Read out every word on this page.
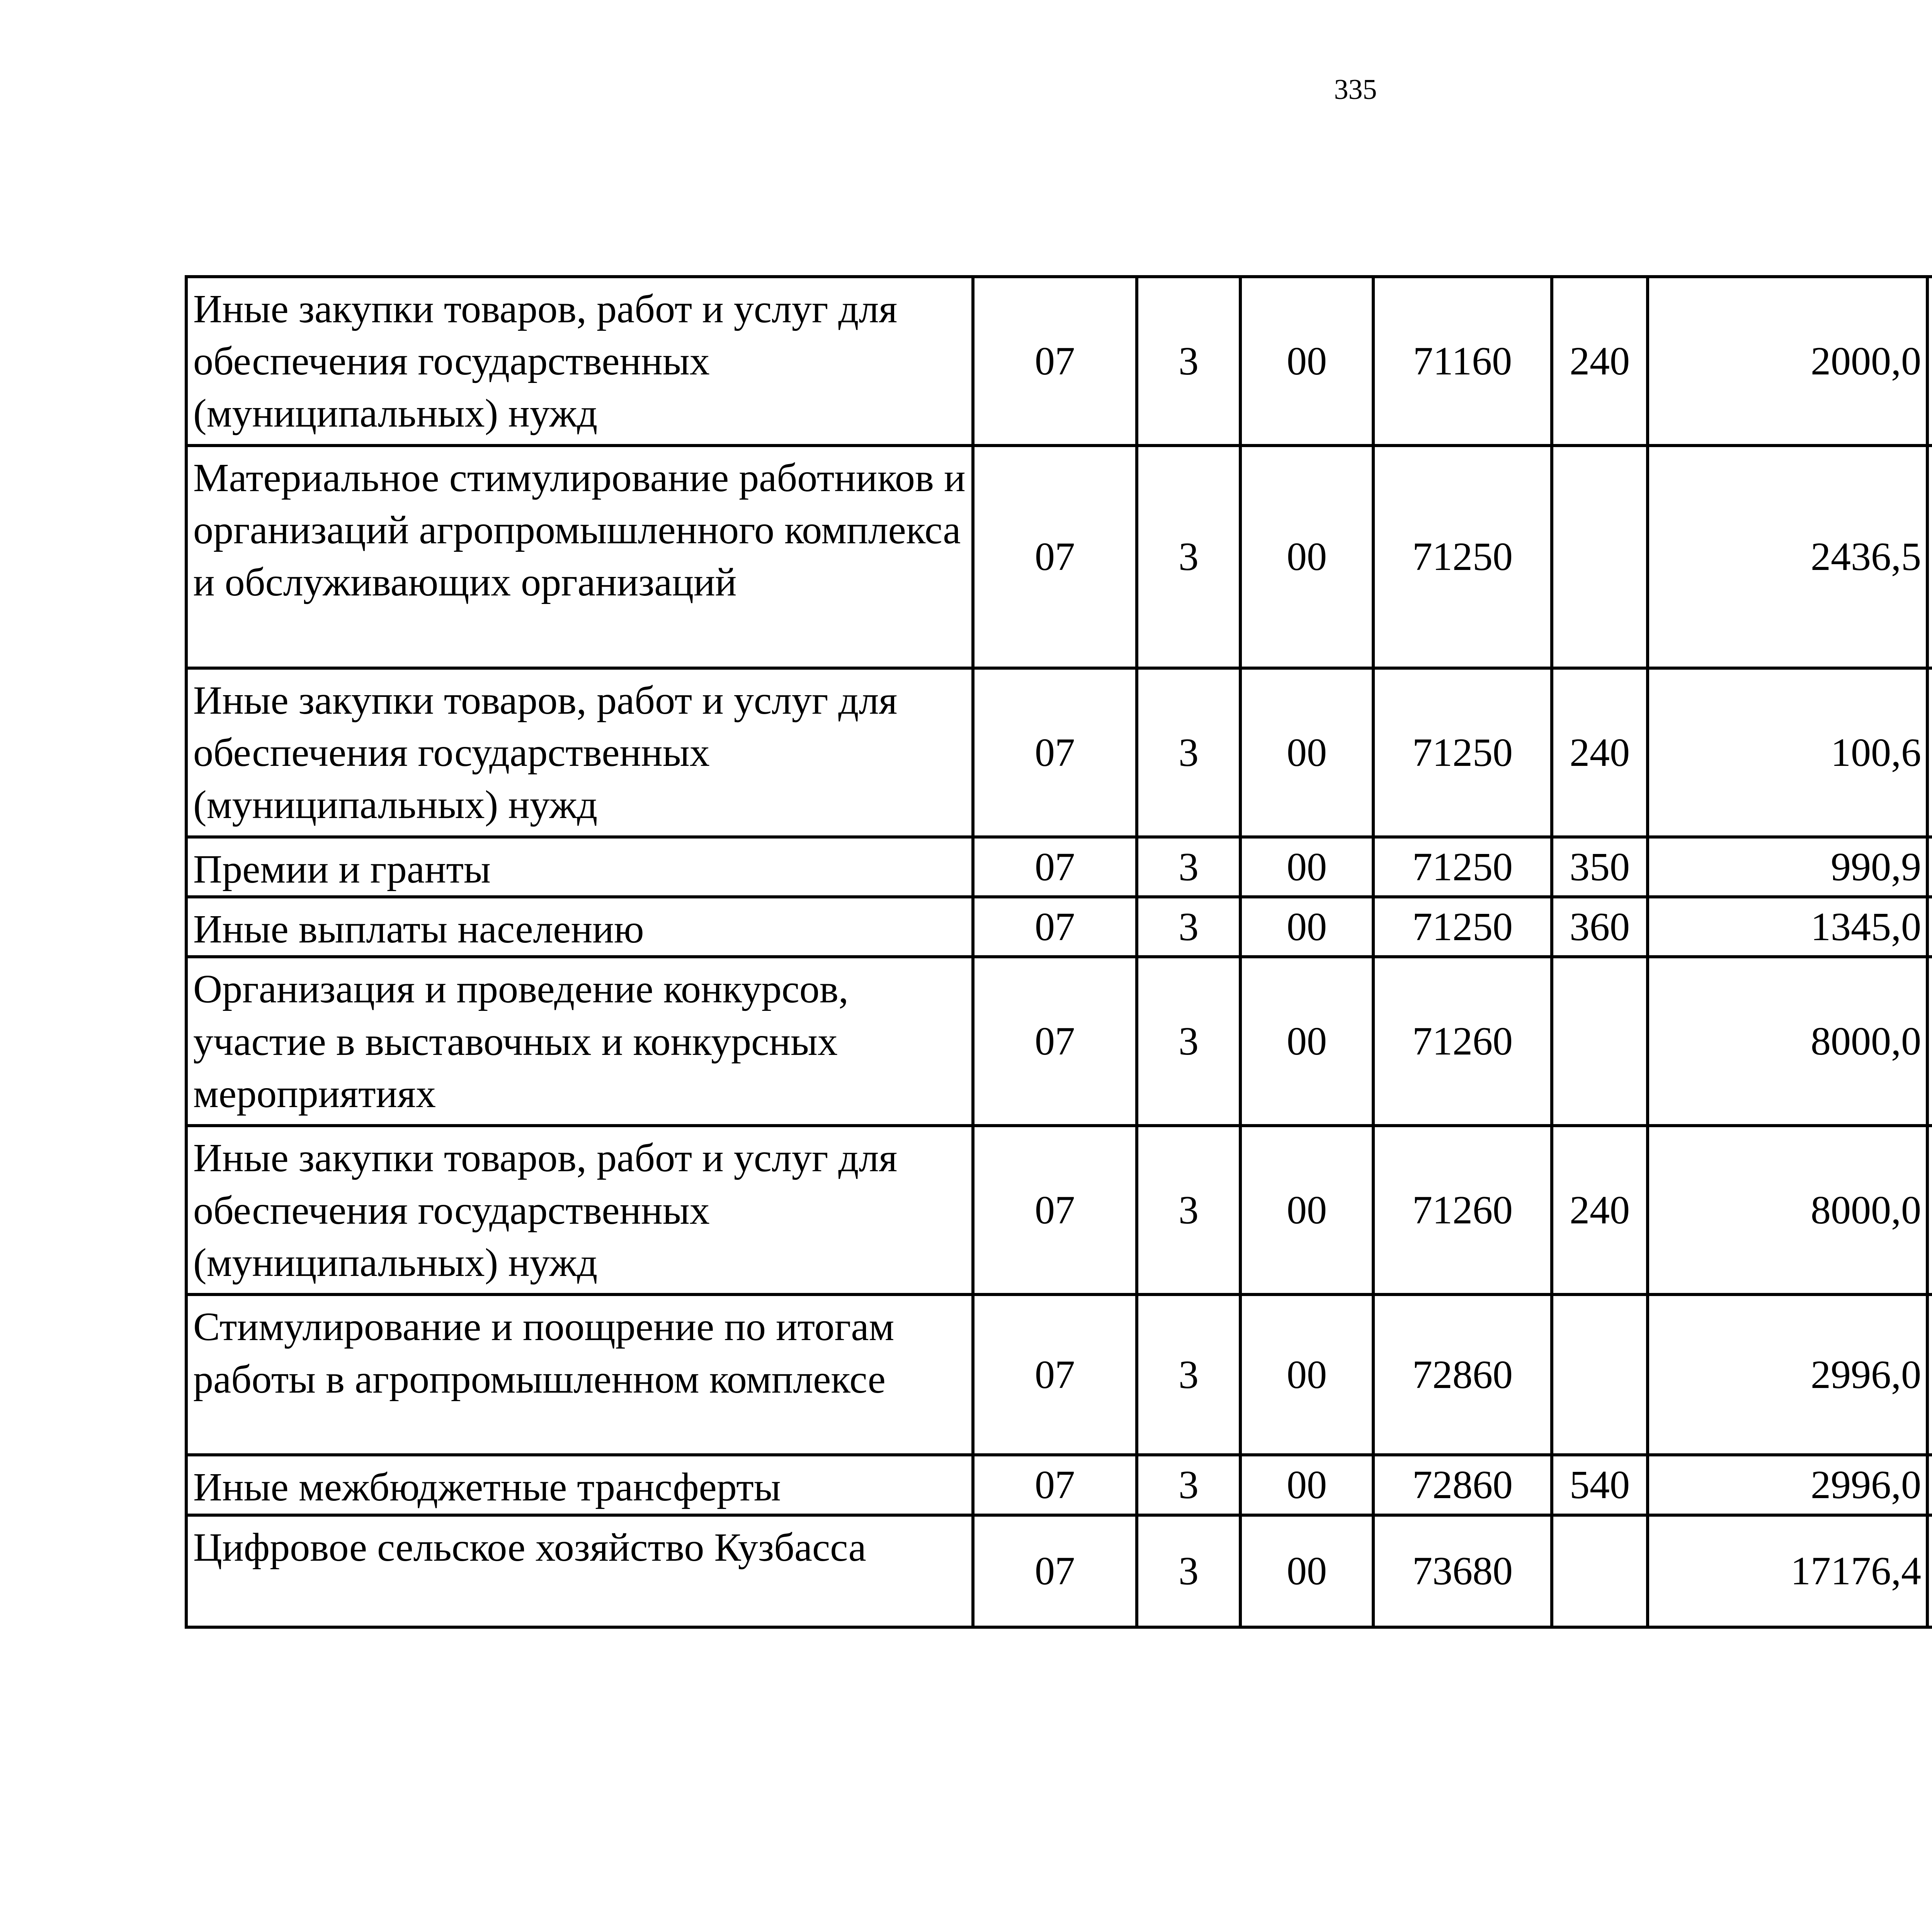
335
Иные закупки товаров, работ и услуг для обеспечения государственных (муниципальных) нужд	07	3	00	71160	240	2000,0		
Материальное стимулирование работников и организаций агропромышленного комплекса и обслуживающих организаций	07	3	00	71250		2436,5		
Иные закупки товаров, работ и услуг для обеспечения государственных (муниципальных) нужд	07	3	00	71250	240	100,6		
Премии и гранты	07	3	00	71250	350	990,9		
Иные выплаты населению	07	3	00	71250	360	1345,0		
Организация и проведение конкурсов, участие в выставочных и конкурсных мероприятиях	07	3	00	71260		8000,0		
Иные закупки товаров, работ и услуг для обеспечения государственных (муниципальных) нужд	07	3	00	71260	240	8000,0		
Стимулирование и поощрение по итогам работы в агропромышленном комплексе	07	3	00	72860		2996,0		
Иные межбюджетные трансферты	07	3	00	72860	540	2996,0		
Цифровое сельское хозяйство Кузбасса	07	3	00	73680		17176,4		
